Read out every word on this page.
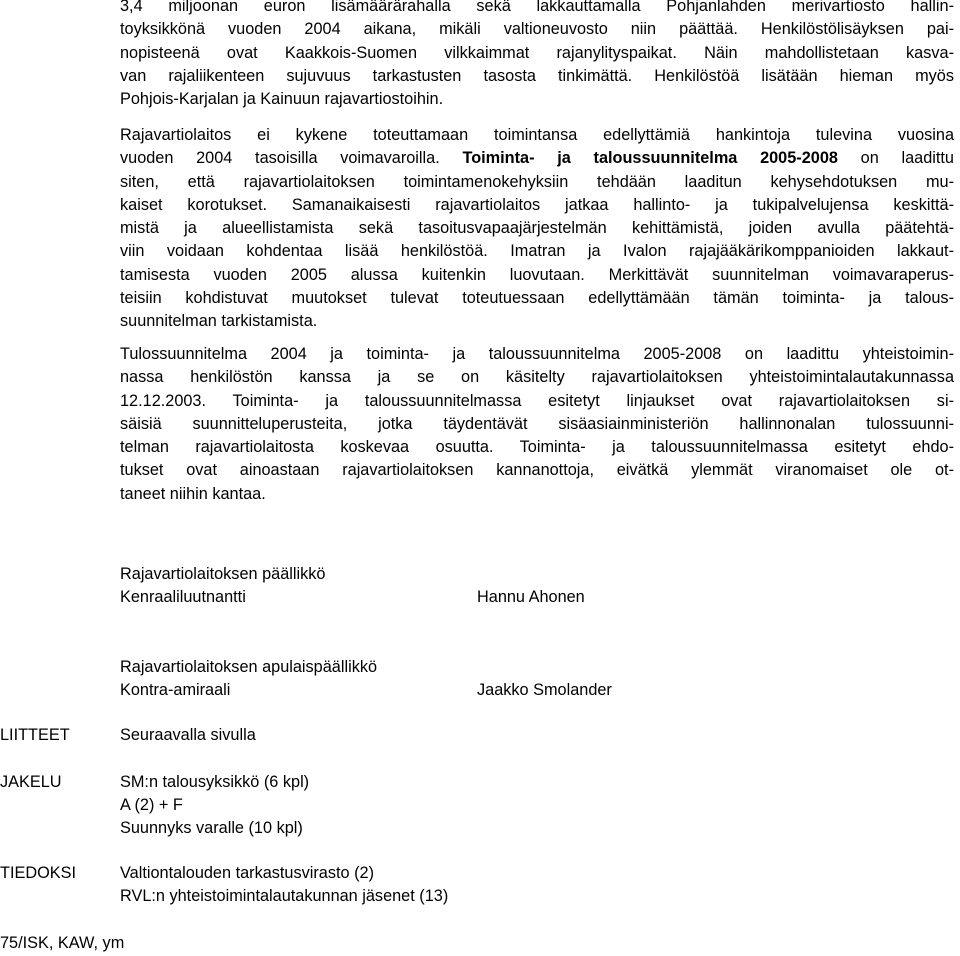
3,4 miljoonan euron lisämäärärahalla sekä lakkauttamalla Pohjanlahden merivartiosto hallin-
toyksikkönä vuoden 2004 aikana, mikäli valtioneuvosto niin päättää. Henkilöstölisäyksen pai-
nopisteenä ovat Kaakkois-Suomen vilkkaimmat rajanylityspaikat. Näin mahdollistetaan kasva-
van rajaliikenteen sujuvuus tarkastusten tasosta tinkimättä. Henkilöstöä lisätään hieman myös
Pohjois-Karjalan ja Kainuun rajavartiostoihin.
Rajavartiolaitos ei kykene toteuttamaan toimintansa edellyttämiä hankintoja tulevina vuosina
vuoden 2004 tasoisilla voimavaroilla. Toiminta- ja taloussuunnitelma 2005-2008 on laadittu
siten, että rajavartiolaitoksen toimintamenokehyksiin tehdään laaditun kehysehdotuksen mu-
kaiset korotukset. Samanaikaisesti rajavartiolaitos jatkaa hallinto- ja tukipalvelujensa keskittä-
mistä ja alueellistamista sekä tasoitusvapaajärjestelmän kehittämistä, joiden avulla päätehtä-
viin voidaan kohdentaa lisää henkilöstöä. Imatran ja Ivalon rajajääkärikomppanioiden lakkaut-
tamisesta vuoden 2005 alussa kuitenkin luovutaan. Merkittävät suunnitelman voimavaraperus-
teisiin kohdistuvat muutokset tulevat toteutuessaan edellyttämään tämän toiminta- ja talous-
suunnitelman tarkistamista.
Tulossuunnitelma 2004 ja toiminta- ja taloussuunnitelma 2005-2008 on laadittu yhteistoimin-
nassa henkilöstön kanssa ja se on käsitelty rajavartiolaitoksen yhteistoimintalautakunnassa
12.12.2003. Toiminta- ja taloussuunnitelmassa esitetyt linjaukset ovat rajavartiolaitoksen si-
säisiä suunnitteluperusteita, jotka täydentävät sisäasiainministeriön hallinnonalan tulossuunni-
telman rajavartiolaitosta koskevaa osuutta. Toiminta- ja taloussuunnitelmassa esitetyt ehdo-
tukset ovat ainoastaan rajavartiolaitoksen kannanottoja, eivätkä ylemmät viranomaiset ole ot-
taneet niihin kantaa.
Rajavartiolaitoksen päällikkö
Kenraaliluutnantti	Hannu Ahonen
Rajavartiolaitoksen apulaispäällikkö
Kontra-amiraali	Jaakko Smolander
LIITTEET	Seuraavalla sivulla
JAKELU	SM:n talousyksikkö (6 kpl)
A (2) + F
Suunnyks varalle (10 kpl)
TIEDOKSI	Valtiontalouden tarkastusvirasto (2)
RVL:n yhteistoimintalautakunnan jäsenet (13)
75/ISK, KAW, ym
